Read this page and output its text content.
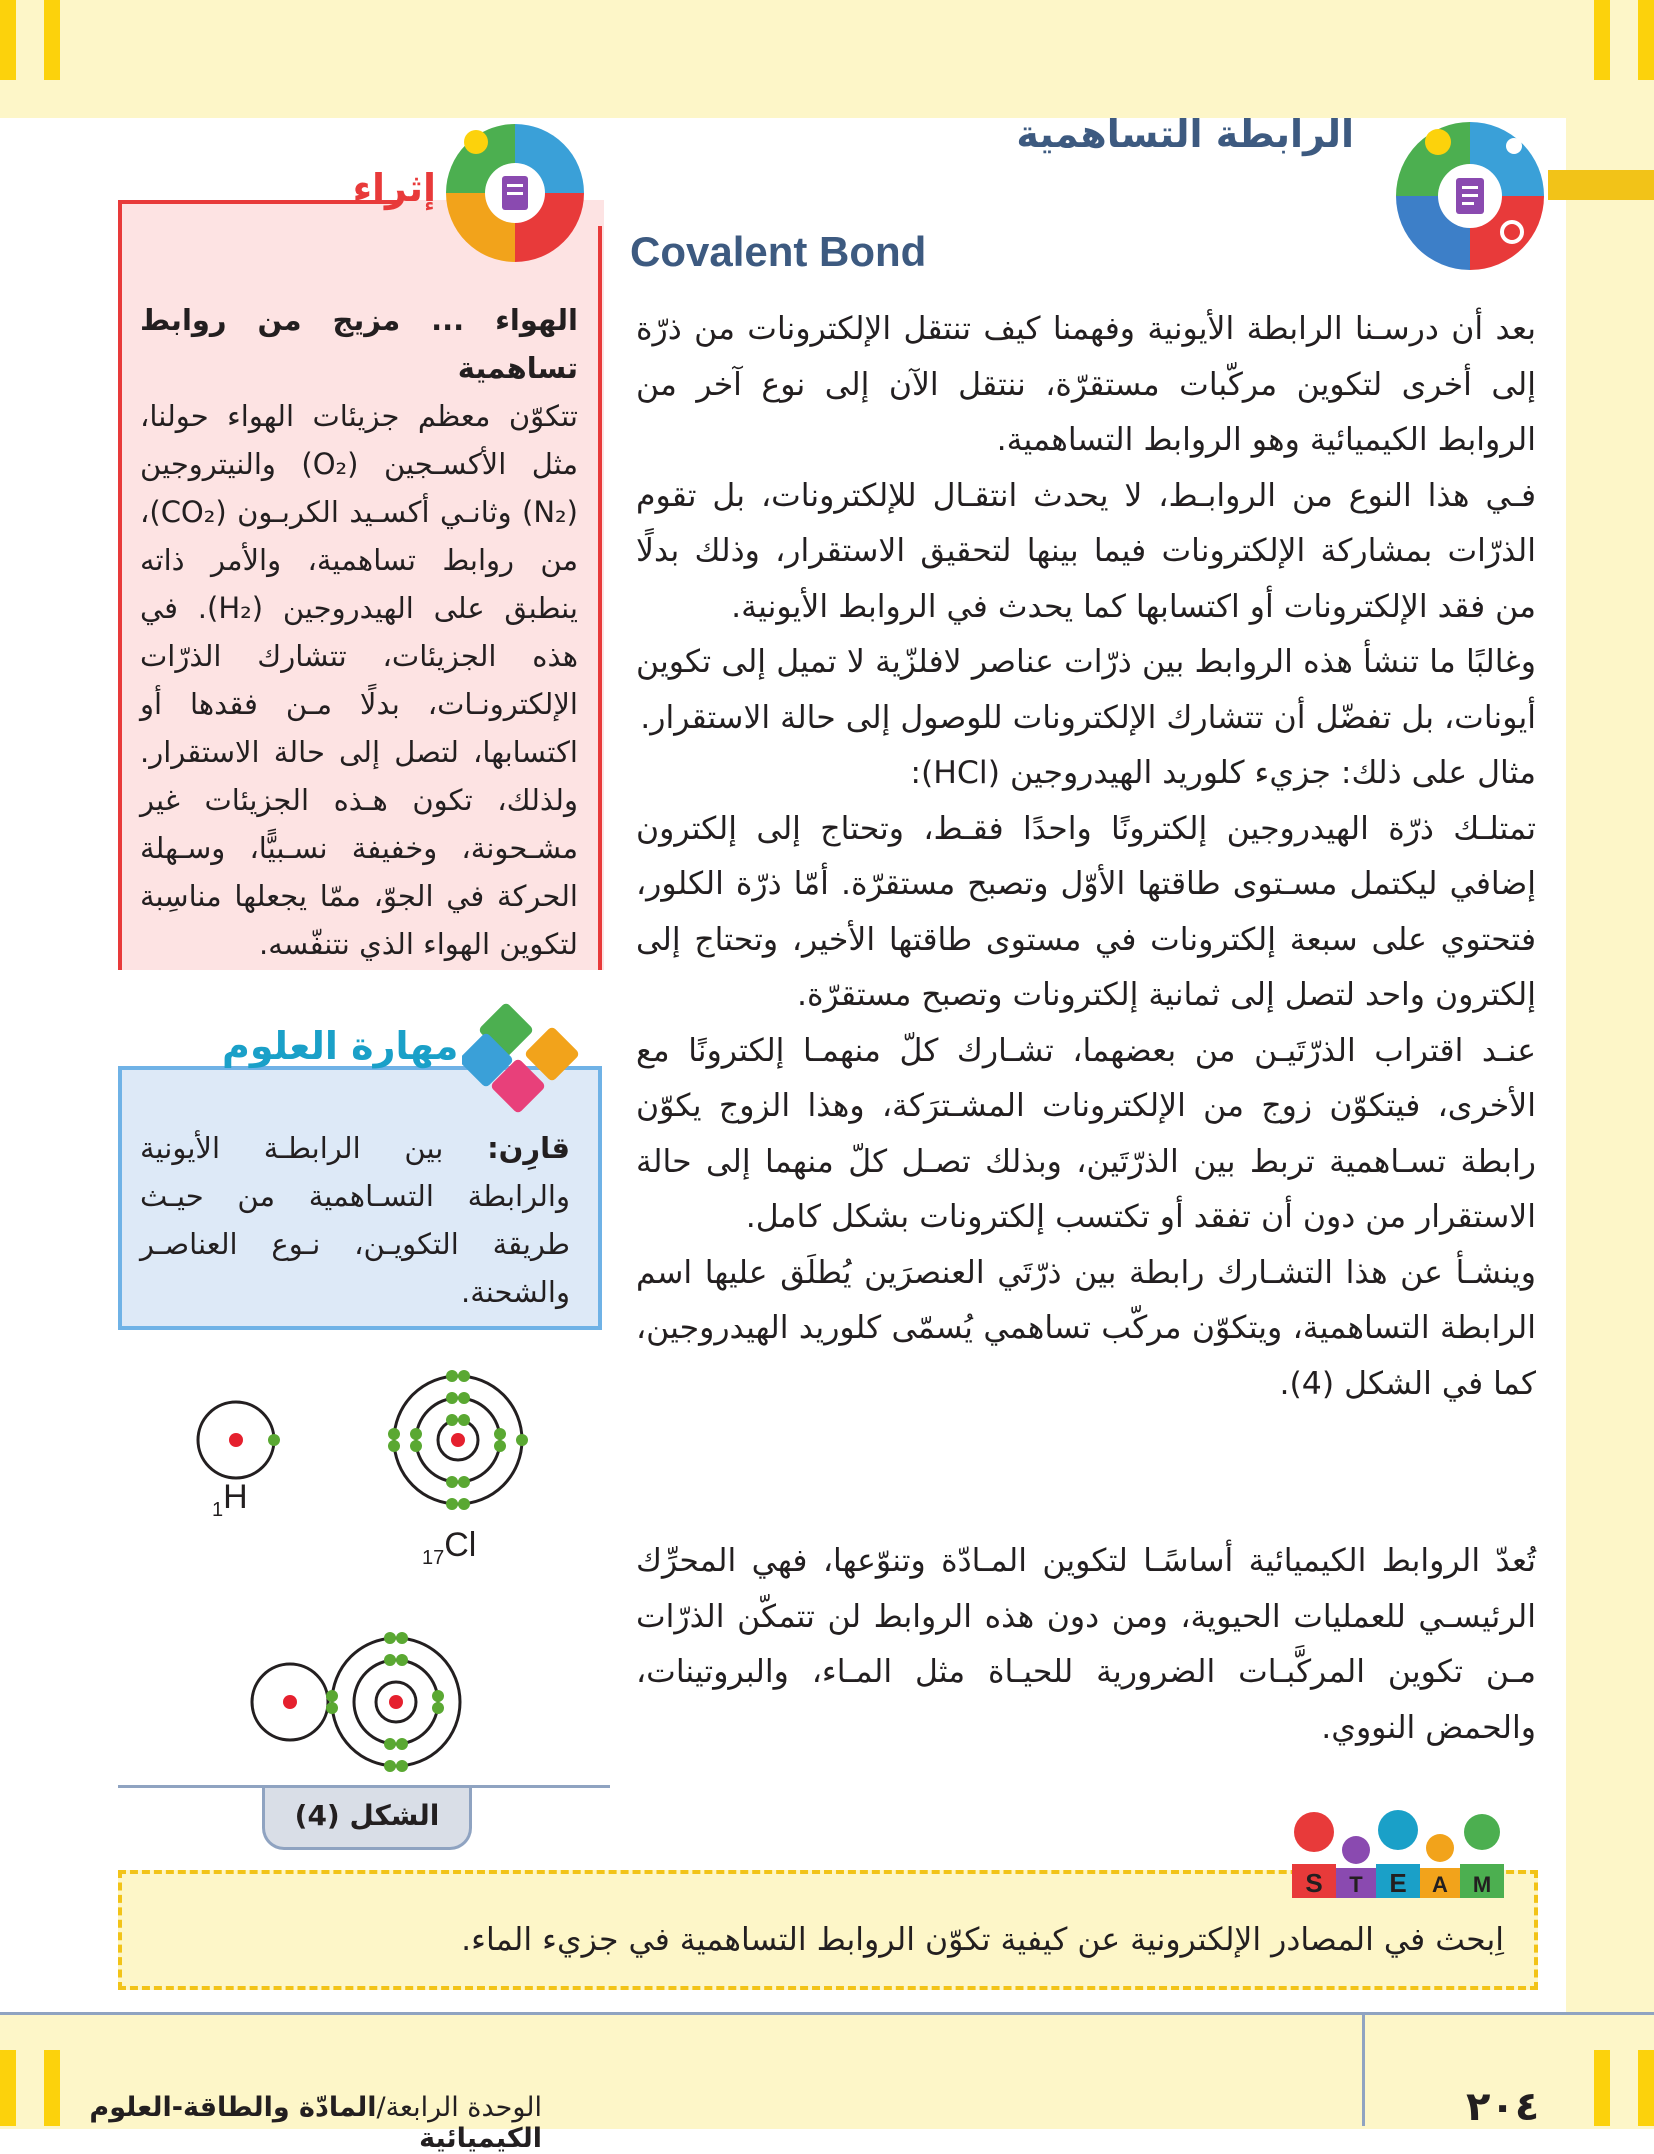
الرابطة التساهمية
Covalent Bond

بعد أن درسـنا الرابطة الأيونية وفهمنا كيف تنتقل الإلكترونات من ذرّة إلى أخرى لتكوين مركّبات مستقرّة، ننتقل الآن إلى نوع آخر من الروابط الكيميائية وهو الروابط التساهمية.

فـي هذا النوع من الروابـط، لا يحدث انتقـال للإلكترونات، بل تقوم الذرّات بمشاركة الإلكترونات فيما بينها لتحقيق الاستقرار، وذلك بدلًا من فقد الإلكترونات أو اكتسابها كما يحدث في الروابط الأيونية.

وغالبًا ما تنشأ هذه الروابط بين ذرّات عناصر لافلزّية لا تميل إلى تكوين أيونات، بل تفضّل أن تتشارك الإلكترونات للوصول إلى حالة الاستقرار.

مثال على ذلك: جزيء كلوريد الهيدروجين (HCl):

تمتلـك ذرّة الهيدروجين إلكترونًا واحدًا فقـط، وتحتاج إلى إلكترون إضافي ليكتمل مسـتوى طاقتها الأوّل وتصبح مستقرّة. أمّا ذرّة الكلور، فتحتوي على سبعة إلكترونات في مستوى طاقتها الأخير، وتحتاج إلى إلكترون واحد لتصل إلى ثمانية إلكترونات وتصبح مستقرّة.

عنـد اقتراب الذرّتَيـن من بعضهما، تشـارك كلّ منهمـا إلكترونًا مع الأخرى، فيتكوّن زوج من الإلكترونات المشـترَكة، وهذا الزوج يكوّن رابطة تسـاهمية تربط بين الذرّتَين، وبذلك تصـل كلّ منهما إلى حالة الاستقرار من دون أن تفقد أو تكتسب إلكترونات بشكل كامل.

وينشـأ عن هذا التشـارك رابطة بين ذرّتَي العنصرَين يُطلَق عليها اسم الرابطة التساهمية، ويتكوّن مركّب تساهمي يُسمّى كلوريد الهيدروجين، كما في الشكل (4).

تُعدّ الروابط الكيميائية أساسًـا لتكوين المـادّة وتنوّعها، فهي المحرِّك الرئيسـي للعمليات الحيوية، ومن دون هذه الروابط لن تتمكّن الذرّات مـن تكوين المركَّبـات الضرورية للحيـاة مثل المـاء، والبروتينات، والحمض النووي.

إثراء

الهواء ... مزيج من روابط تساهمية

تتكوّن معظم جزيئات الهواء حولنا، مثل الأكسـجين (O₂) والنيتروجين (N₂) وثانـي أكسـيد الكربـون (CO₂)، من روابط تساهمية، والأمر ذاته ينطبق على الهيدروجين (H₂). في هذه الجزيئات، تتشارك الذرّات الإلكترونـات، بدلًا مـن فقدها أو اكتسابها، لتصل إلى حالة الاستقرار. ولذلك، تكون هـذه الجزيئات غير مشـحونة، وخفيفة نسـبيًّا، وسـهلة الحركة في الجوّ، ممّا يجعلها مناسِبة لتكوين الهواء الذي نتنفّسه.

مهارة العلوم
قارِن: بين الرابطـة الأيونية والرابطة التسـاهمية من حيـث طريقة التكويـن، نـوع العناصـر والشحنة.
$_1$H
$_{17}$Cl
الشكل (4)
S T E A M
اِبحث في المصادر الإلكترونية عن كيفية تكوّن الروابط التساهمية في جزيء الماء.
الوحدة الرابعة/المادّة والطاقة-العلوم الكيميائية
٢٠٤
